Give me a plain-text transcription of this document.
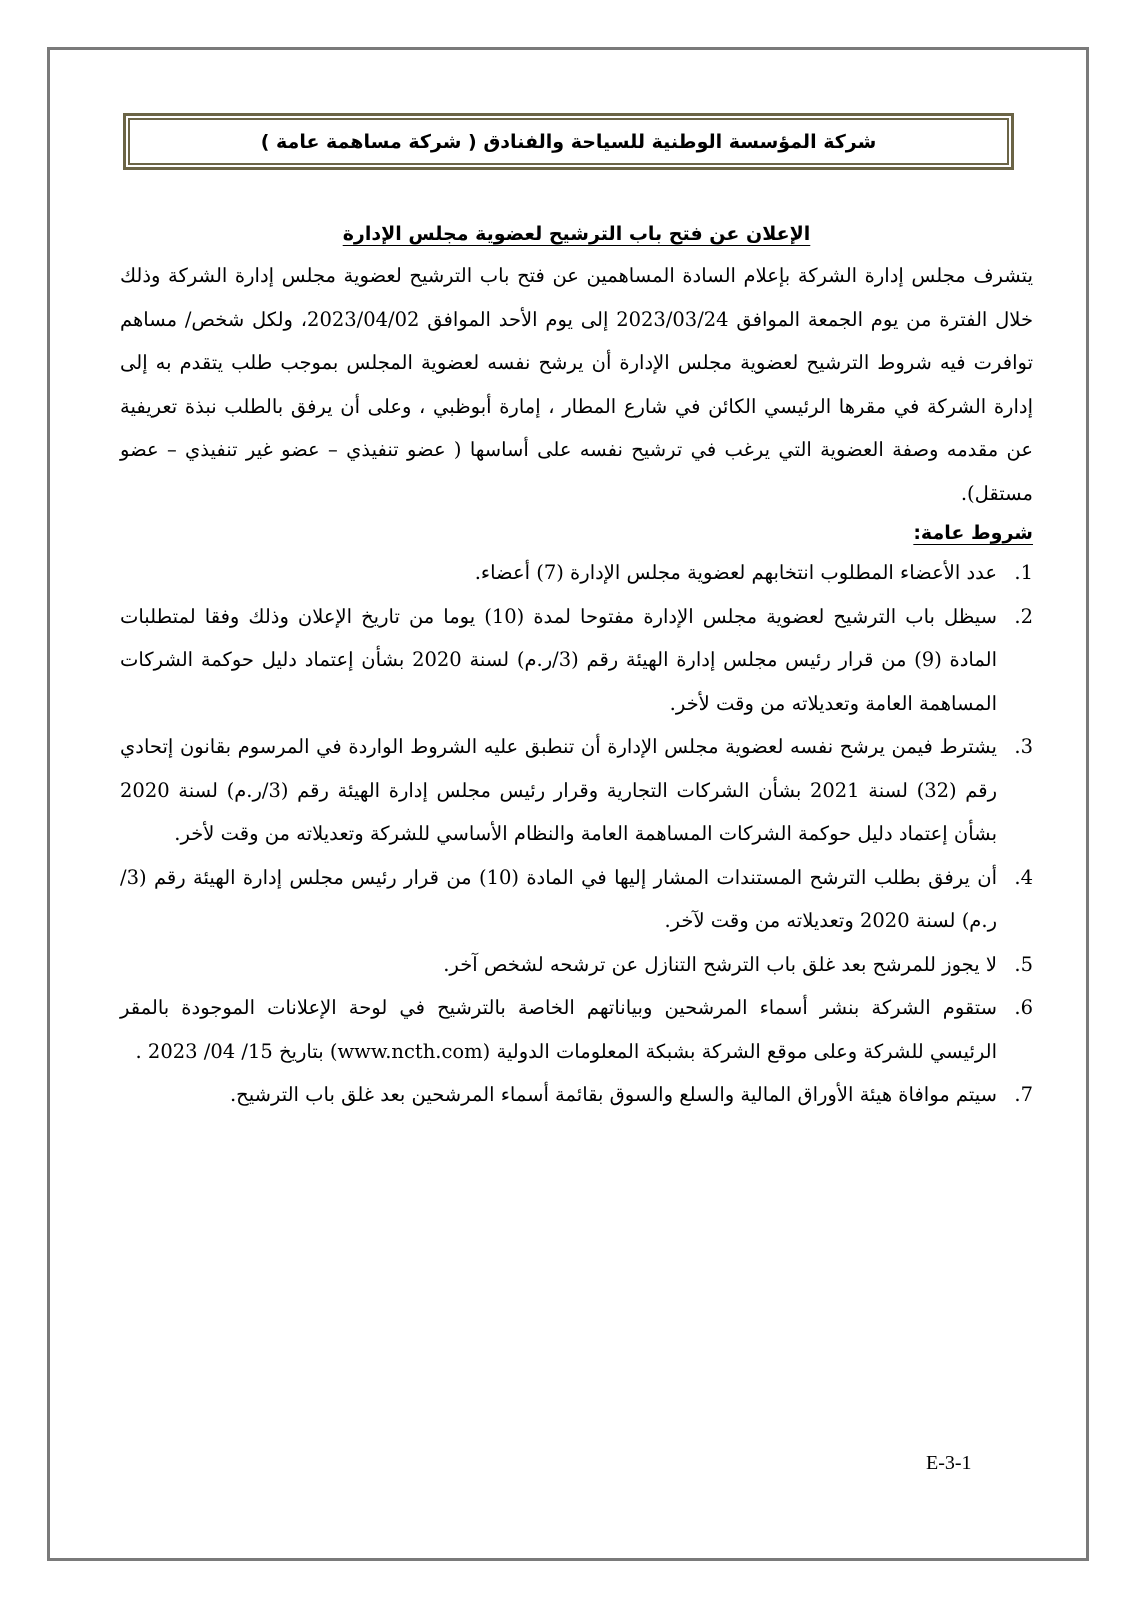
شركة المؤسسة الوطنية للسياحة والفنادق ( شركة مساهمة عامة )

الإعلان عن فتح باب الترشيح لعضوية مجلس الإدارة

يتشرف مجلس إدارة الشركة بإعلام السادة المساهمين عن فتح باب الترشيح لعضوية مجلس إدارة الشركة وذلك خلال الفترة من يوم الجمعة الموافق 2023/03/24 إلى يوم الأحد الموافق 2023/04/02، ولكل شخص/ مساهم توافرت فيه شروط الترشيح لعضوية مجلس الإدارة أن يرشح نفسه لعضوية المجلس بموجب طلب يتقدم به إلى إدارة الشركة في مقرها الرئيسي الكائن في شارع المطار ، إمارة أبوظبي ، وعلى أن يرفق بالطلب نبذة تعريفية عن مقدمه وصفة العضوية التي يرغب في ترشيح نفسه على أساسها ( عضو تنفيذي – عضو غير تنفيذي – عضو مستقل).

شروط عامة:

1.
عدد الأعضاء المطلوب انتخابهم لعضوية مجلس الإدارة (7) أعضاء.
2.
سيظل باب الترشيح لعضوية مجلس الإدارة مفتوحا لمدة (10) يوما من تاريخ الإعلان وذلك وفقا لمتطلبات المادة (9) من قرار رئيس مجلس إدارة الهيئة رقم (3/ر.م) لسنة 2020 بشأن إعتماد دليل حوكمة الشركات المساهمة العامة وتعديلاته من وقت لأخر.
3.
يشترط فيمن يرشح نفسه لعضوية مجلس الإدارة أن تنطبق عليه الشروط الواردة في المرسوم بقانون إتحادي رقم (32) لسنة 2021 بشأن الشركات التجارية وقرار رئيس مجلس إدارة الهيئة رقم (3/ر.م) لسنة 2020 بشأن إعتماد دليل حوكمة الشركات المساهمة العامة والنظام الأساسي للشركة وتعديلاته من وقت لأخر.
4.
أن يرفق بطلب الترشح المستندات المشار إليها في المادة (10) من قرار رئيس مجلس إدارة الهيئة رقم (3/ر.م) لسنة 2020 وتعديلاته من وقت لآخر.
5.
لا يجوز للمرشح بعد غلق باب الترشح التنازل عن ترشحه لشخص آخر.
6.
ستقوم الشركة بنشر أسماء المرشحين وبياناتهم الخاصة بالترشيح في لوحة الإعلانات الموجودة بالمقر الرئيسي للشركة وعلى موقع الشركة بشبكة المعلومات الدولية (www.ncth.com) بتاريخ 15/ 04/ 2023 .
7.
سيتم موافاة هيئة الأوراق المالية والسلع والسوق بقائمة أسماء المرشحين بعد غلق باب الترشيح.
E-3-1
